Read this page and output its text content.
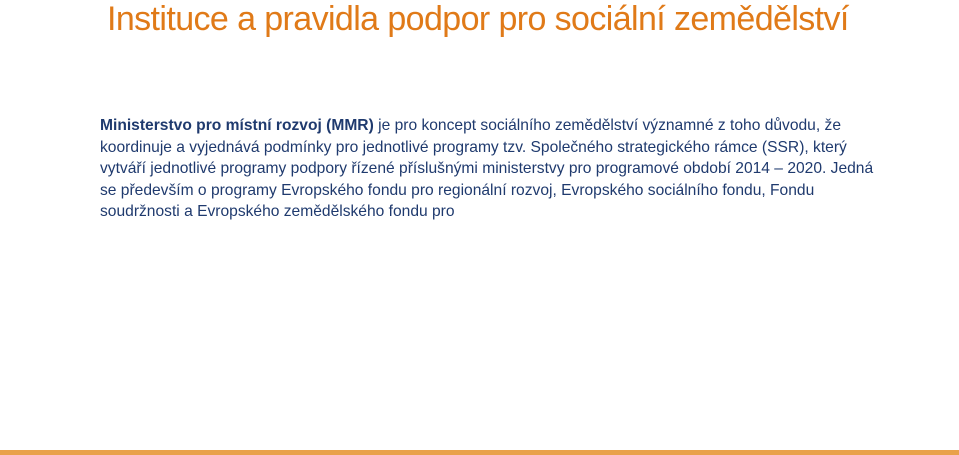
Instituce a pravidla podpor pro sociální zemědělství

Ministerstvo pro místní rozvoj (MMR) je pro koncept sociálního zemědělství významné z toho důvodu, že koordinuje a vyjednává podmínky pro jednotlivé programy tzv. Společného strategického rámce (SSR), který vytváří jednotlivé programy podpory řízené příslušnými ministerstvy pro programové období 2014 – 2020. Jedná se především o programy Evropského fondu pro regionální rozvoj, Evropského sociálního fondu, Fondu soudržnosti a Evropského zemědělského fondu pro
